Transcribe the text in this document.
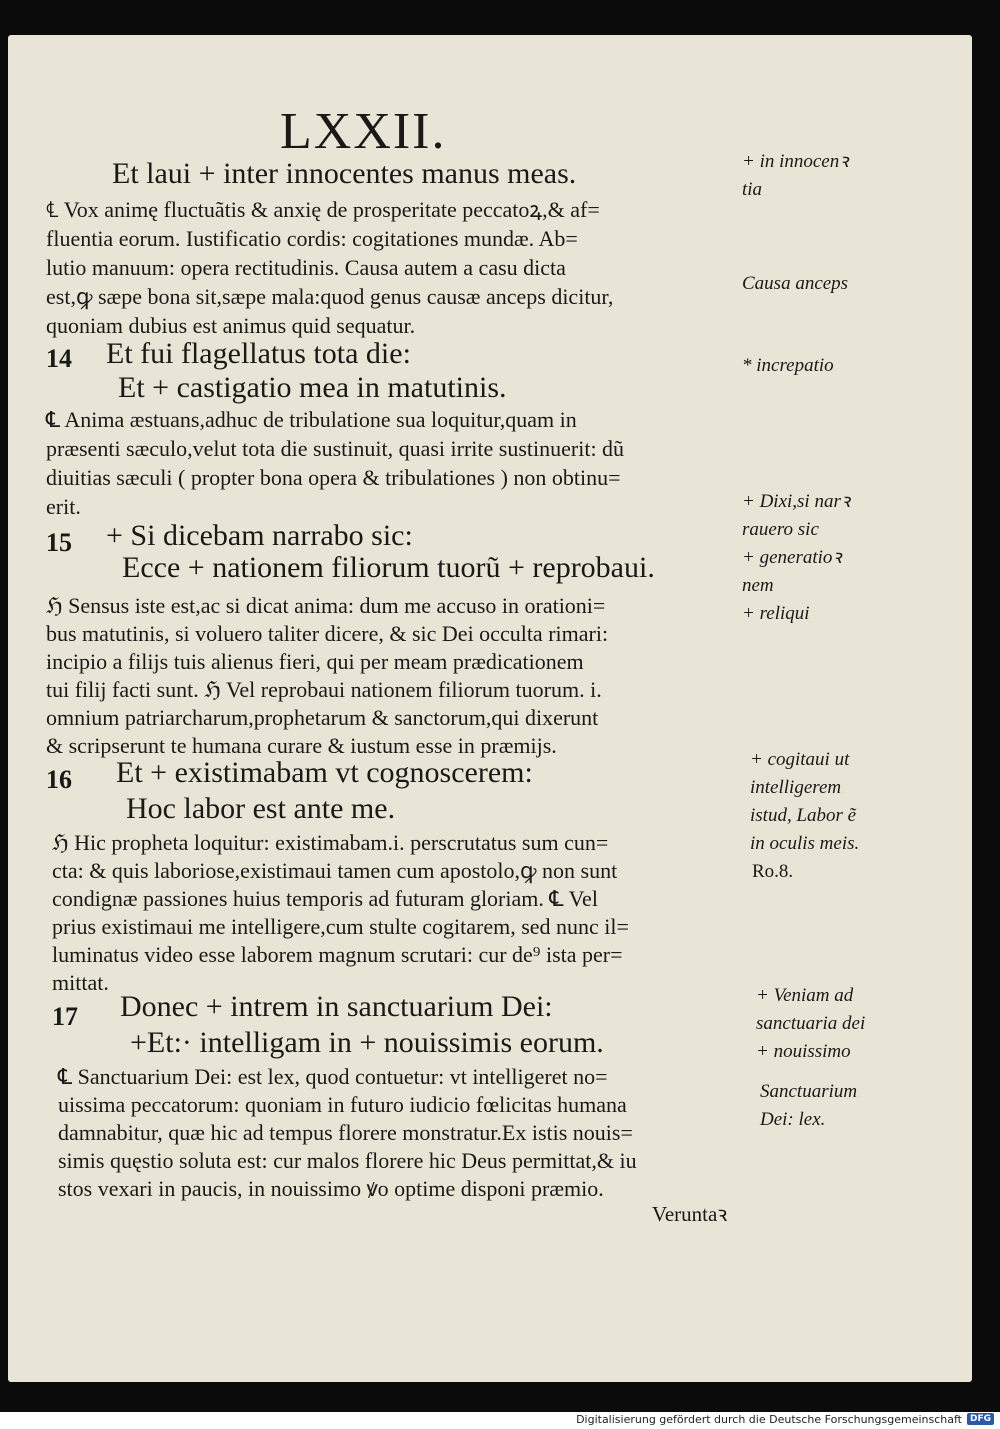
LXXII.
Et laui + inter innocentes manus meas.
℄ Vox animę fluctuãtis & anxię de prosperitate peccatoꝝ,& af=
fluentia eorum. Iustificatio cordis: cogitationes mundæ. Ab=
lutio manuum: opera rectitudinis. Causa autem a casu dicta
est,ꝙ sæpe bona sit,sæpe mala:quod genus causæ anceps dicitur,
quoniam dubius est animus quid sequatur.
14 Et fui flagellatus tota die:
Et + castigatio mea in matutinis.
℄ Anima æstuans,adhuc de tribulatione sua loquitur,quam in
præsenti sæculo,velut tota die sustinuit, quasi irrite sustinuerit: dũ
diuitias sæculi ( propter bona opera & tribulationes ) non obtinu=
erit.
15 + Si dicebam narrabo sic:
Ecce + nationem filiorum tuorũ + reprobaui.
ℌ Sensus iste est,ac si dicat anima: dum me accuso in orationi=
bus matutinis, si voluero taliter dicere, & sic Dei occulta rimari:
incipio a filijs tuis alienus fieri, qui per meam prædicationem
tui filij facti sunt. ℌ Vel reprobaui nationem filiorum tuorum. i.
omnium patriarcharum,prophetarum & sanctorum,qui dixerunt
& scripserunt te humana curare & iustum esse in præmijs.
16 Et + existimabam vt cognoscerem:
Hoc labor est ante me.
ℌ Hic propheta loquitur: existimabam.i. perscrutatus sum cun=
cta: & quis laboriose,existimaui tamen cum apostolo,ꝙ non sunt
condignæ passiones huius temporis ad futuram gloriam. ℄ Vel
prius existimaui me intelligere,cum stulte cogitarem, sed nunc il=
luminatus video esse laborem magnum scrutari: cur de⁹ ista per=
mittat.
17 Donec + intrem in sanctuarium Dei:
+Et:· intelligam in + nouissimis eorum.
℄ Sanctuarium Dei: est lex, quod contuetur: vt intelligeret no=
uissima peccatorum: quoniam in futuro iudicio fœlicitas humana
damnabitur, quæ hic ad tempus florere monstratur.Ex istis nouis=
simis quęstio soluta est: cur malos florere hic Deus permittat,& iu
stos vexari in paucis, in nouissimo ꝟo optime disponi præmio.
Veruntaꝛ
+ in innocenꝛ
tia
Causa anceps
* increpatio
+ Dixi,si narꝛ
rauero sic
+ generatioꝛ
nem
+ reliqui
+ cogitaui ut
intelligerem
istud, Labor ẽ
in oculis meis.
Ro.8.
+ Veniam ad
sanctuaria dei
+ nouissimo
Sanctuarium
Dei: lex.
Digitalisierung gefördert durch die Deutsche Forschungsgemeinschaft DFG
